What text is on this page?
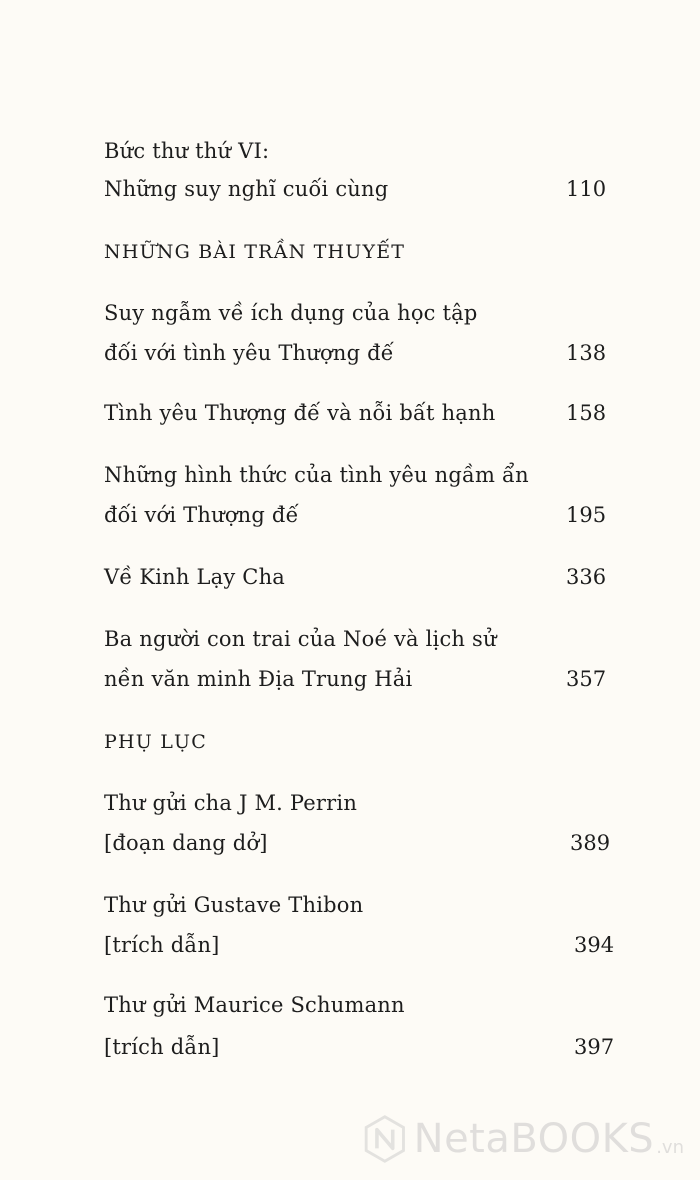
Bức thư thứ VI:
Những suy nghĩ cuối cùng	110
NHỮNG BÀI TRẦN THUYẾT
Suy ngẫm về ích dụng của học tập
đối với tình yêu Thượng đế	138
Tình yêu Thượng đế và nỗi bất hạnh	158
Những hình thức của tình yêu ngầm ẩn
đối với Thượng đế	195
Về Kinh Lạy Cha	336
Ba người con trai của Noé và lịch sử
nền văn minh Địa Trung Hải	357
PHỤ LỤC
Thư gửi cha J M. Perrin
[đoạn dang dở]	389
Thư gửi Gustave Thibon
[trích dẫn]	394
Thư gửi Maurice Schumann
[trích dẫn]	397
NetaBOOKS .vn
